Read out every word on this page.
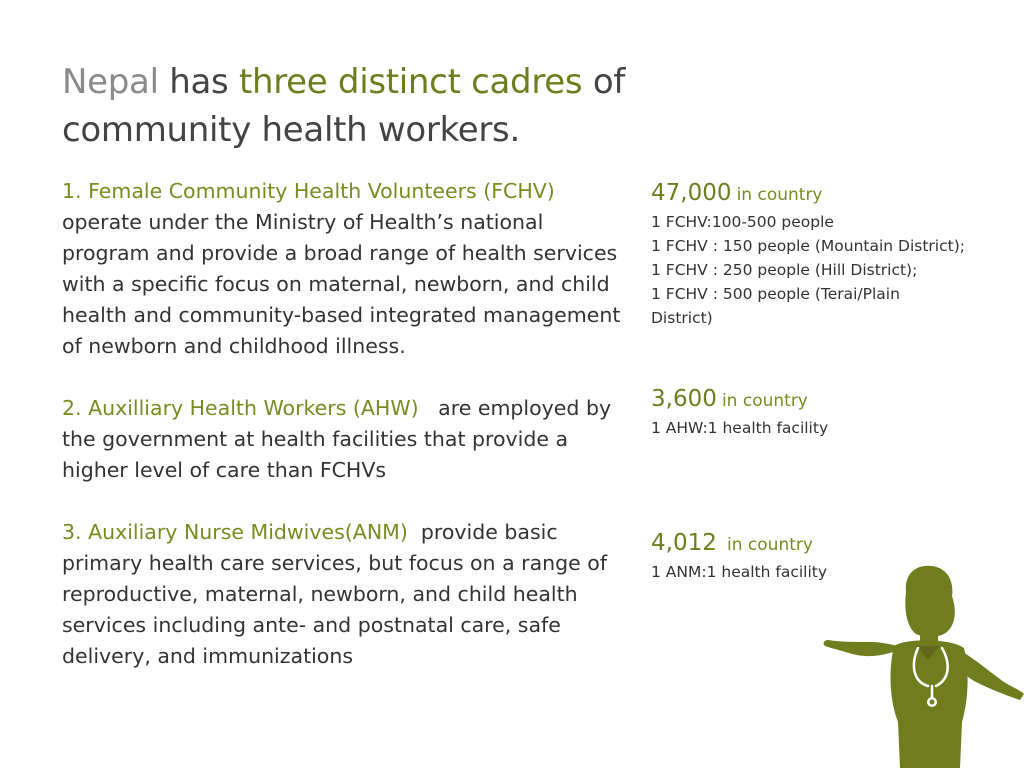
Nepal has three distinct cadres of community health workers.

1. Female Community Health Volunteers (FCHV)
operate under the Ministry of Health’s national program and provide a broad range of health services with a specific focus on maternal, newborn, and child health and community-based integrated management of newborn and childhood illness.

2. Auxilliary Health Workers (AHW) are employed by the government at health facilities that provide a higher level of care than FCHVs

3. Auxiliary Nurse Midwives(ANM) provide basic primary health care services, but focus on a range of reproductive, maternal, newborn, and child health services including ante- and postnatal care, safe delivery, and immunizations

47,000 in country

1 FCHV:100-500 people

1 FCHV : 150 people (Mountain District);

1 FCHV : 250 people (Hill District);

1 FCHV : 500 people (Terai/Plain District)

3,600 in country

1 AHW:1 health facility

4,012 in country

1 ANM:1 health facility
